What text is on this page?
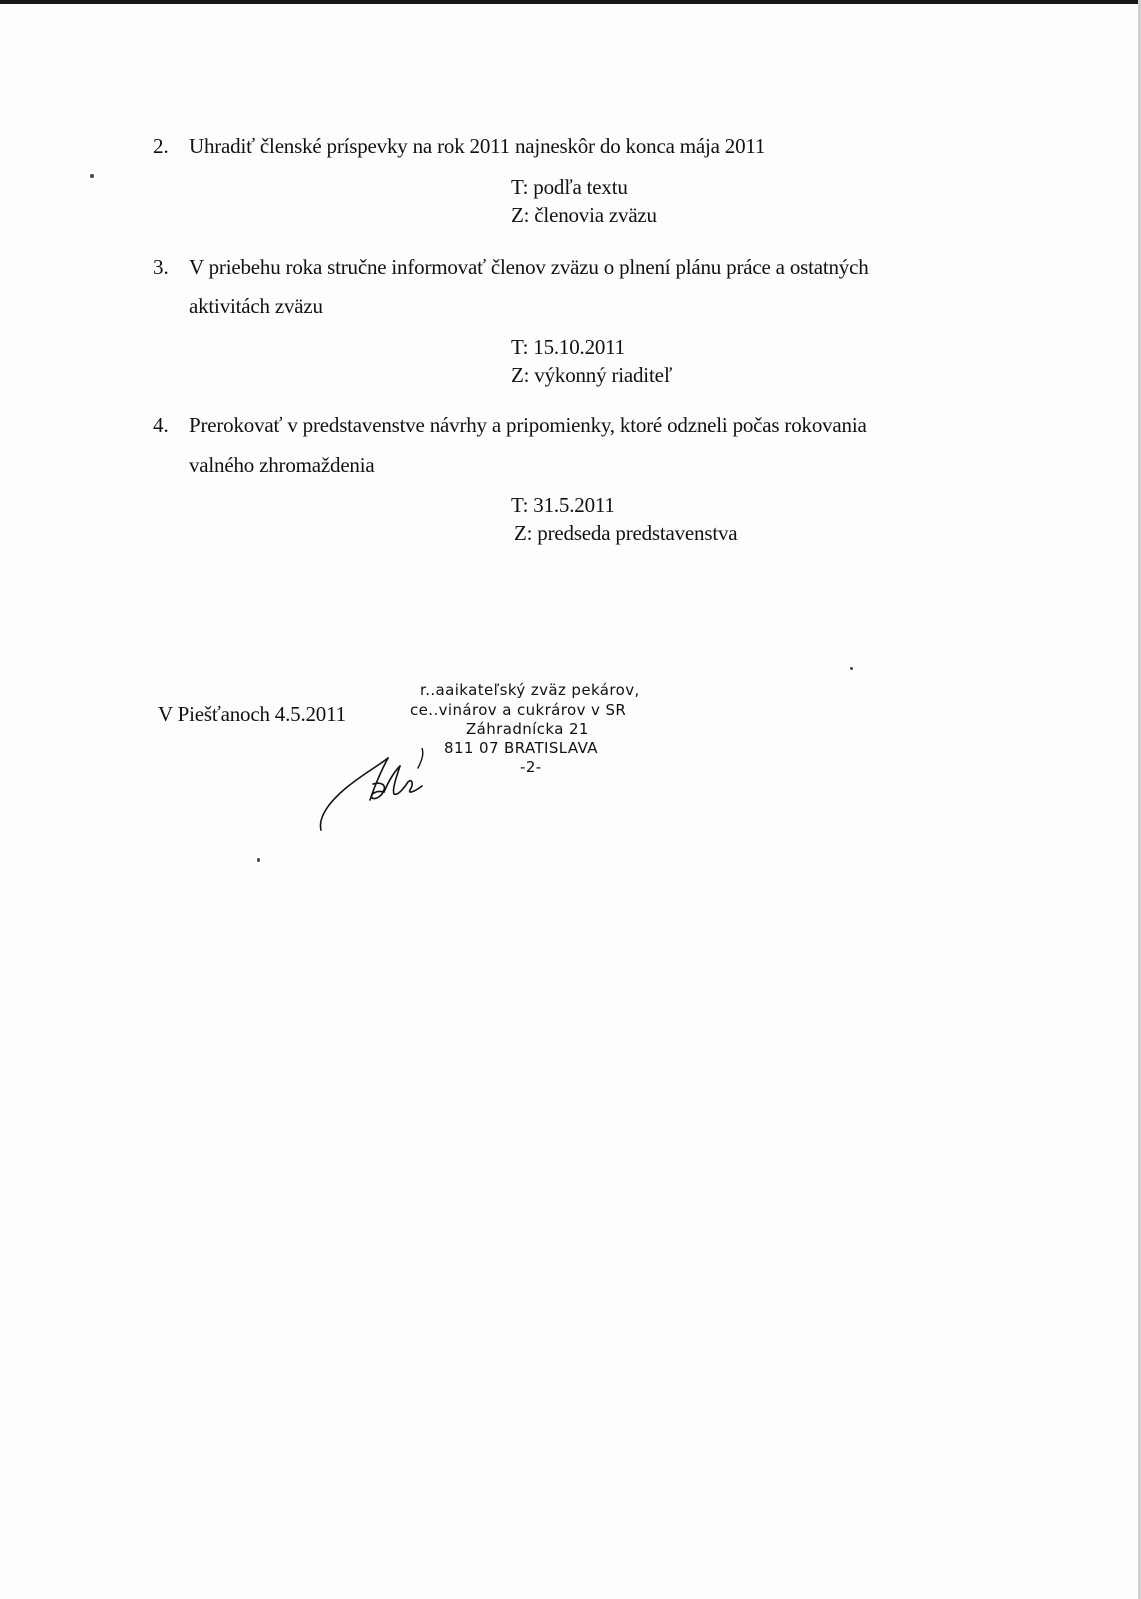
2. Uhradiť členské príspevky na rok 2011 najneskôr do konca mája 2011
T: podľa textu
Z: členovia zväzu
3. V priebehu roka stručne informovať členov zväzu o plnení plánu práce a ostatných
aktivitách zväzu
T: 15.10.2011
Z: výkonný riaditeľ
4. Prerokovať v predstavenstve návrhy a pripomienky, ktoré odzneli počas rokovania
valného zhromaždenia
T: 31.5.2011
Z: predseda predstavenstva
V Piešťanoch 4.5.2011
r..aaikateľský zväz pekárov,
ce..vinárov a cukrárov v SR
Záhradnícka 21
811 07 BRATISLAVA
-2-
